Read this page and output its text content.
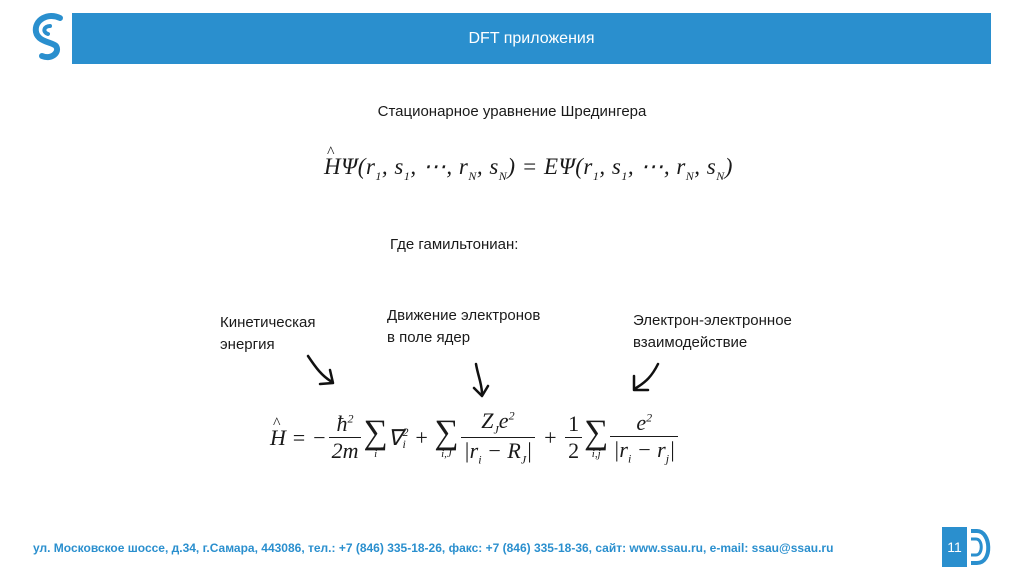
DFT приложения
Стационарное уравнение Шредингера
^ $H\Psi(r_1$, $s_1$, ⋯, $r_N$, $s_N) = E\Psi(r_1$, $s_1$, ⋯, $r_N$, $s_N$)
Где гамильтониан:
Кинетическая
энергия
Движение электронов
в поле ядер
Электрон-электронное
взаимодействие
^ H = − $\frac{ħ^2}{2m}$ ∑
i
∇ 2
i + ∑
$i,J \frac{Z_Je^2}{|r_i - R_J|} + \frac{1}{2}$ ∑
$i,j \frac{e^2}{|r_i - r_j|}$
ул. Московское шоссе, д.34, г.Самара, 443086, тел.: +7 (846) 335-18-26, факс: +7 (846) 335-18-36, сайт: www.ssau.ru, e-mail: ssau@ssau.ru	11
